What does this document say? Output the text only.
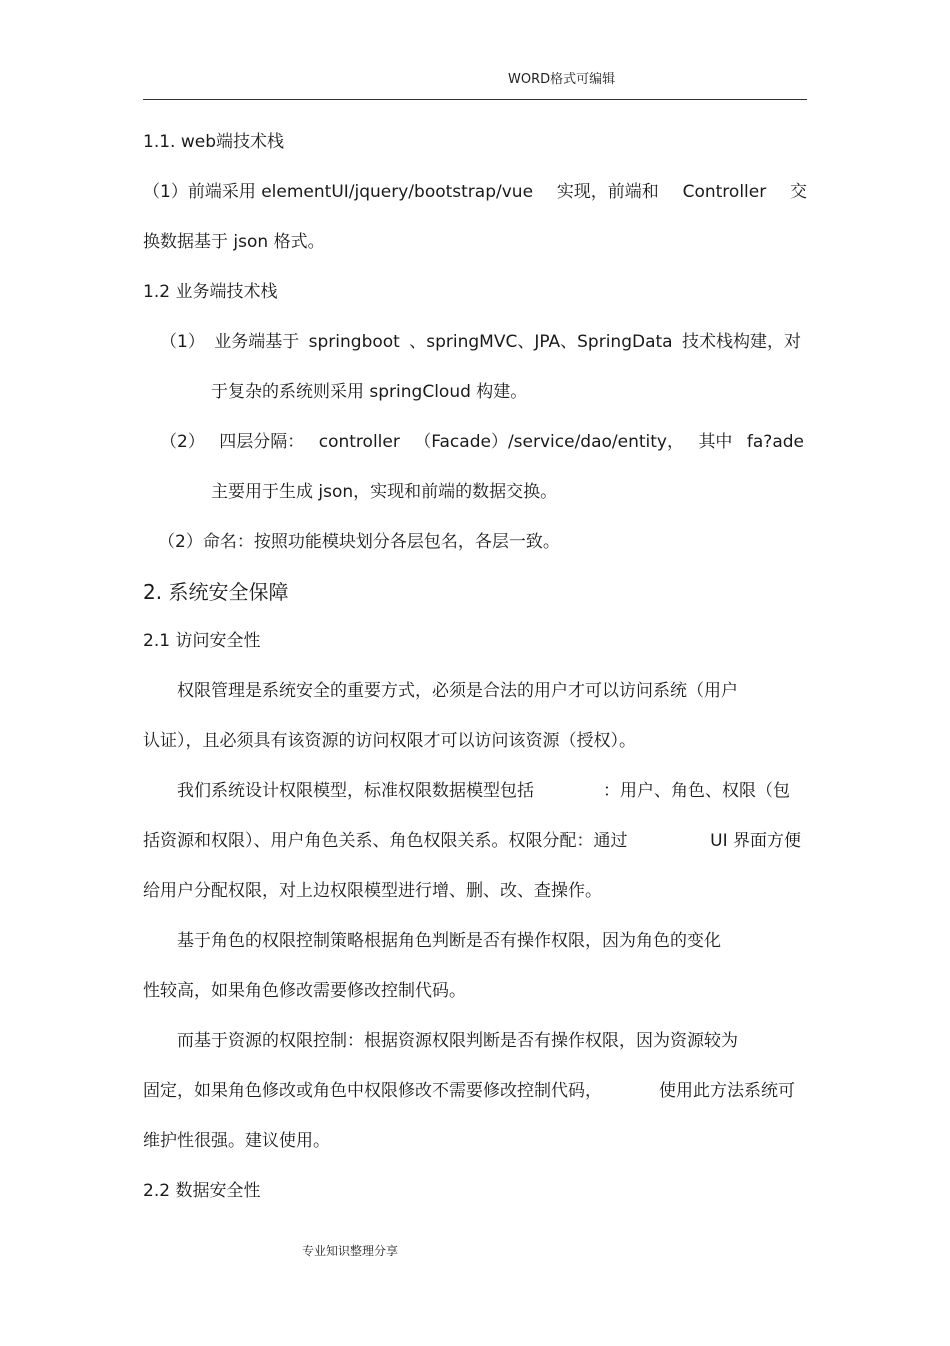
WORD格式可编辑
1.1. web端技术栈
（1）前端采用 elementUI/jquery/bootstrap/vue 实现，前端和 Controller 交
换数据基于 json 格式。
1.2 业务端技术栈
（1） 业务端基于 springboot 、springMVC、JPA、SpringData 技术栈构建，对
于复杂的系统则采用 springCloud 构建。
（2） 四层分隔： controller （Facade）/service/dao/entity， 其中 fa?ade
主要用于生成 json，实现和前端的数据交换。
（2）命名：按照功能模块划分各层包名，各层一致。
2. 系统安全保障
2.1 访问安全性
权限管理是系统安全的重要方式，必须是合法的用户才可以访问系统（用户
认证），且必须具有该资源的访问权限才可以访问该资源（授权）。
我们系统设计权限模型，标准权限数据模型包括	：用户、角色、权限（包
括资源和权限）、用户角色关系、角色权限关系。权限分配：通过	UI 界面方便
给用户分配权限，对上边权限模型进行增、删、改、查操作。
基于角色的权限控制策略根据角色判断是否有操作权限，因为角色的变化
性较高，如果角色修改需要修改控制代码。
而基于资源的权限控制：根据资源权限判断是否有操作权限，因为资源较为
固定，如果角色修改或角色中权限修改不需要修改控制代码，	使用此方法系统可
维护性很强。建议使用。
2.2 数据安全性
专业知识整理分享
